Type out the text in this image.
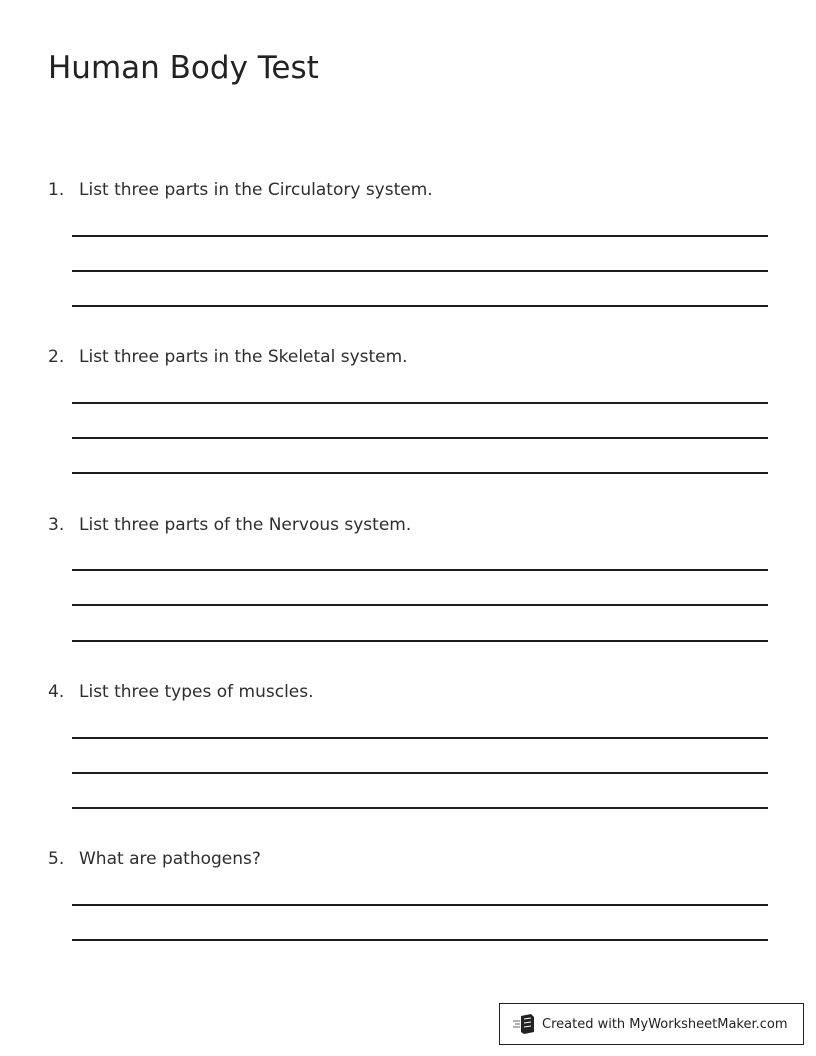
Human Body Test
1. List three parts in the Circulatory system.
2. List three parts in the Skeletal system.
3. List three parts of the Nervous system.
4. List three types of muscles.
5. What are pathogens?
Created with MyWorksheetMaker.com
